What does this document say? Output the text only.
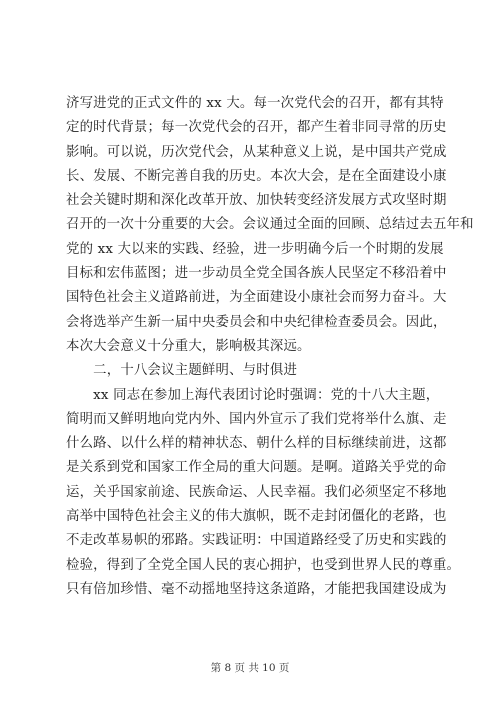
济写进党的正式文件的 xx 大。每一次党代会的召开，都有其特
定的时代背景；每一次党代会的召开，都产生着非同寻常的历史
影响。可以说，历次党代会，从某种意义上说，是中国共产党成
长、发展、不断完善自我的历史。本次大会，是在全面建设小康
社会关键时期和深化改革开放、加快转变经济发展方式攻坚时期
召开的一次十分重要的大会。会议通过全面的回顾、总结过去五年和
党的 xx 大以来的实践、经验，进一步明确今后一个时期的发展
目标和宏伟蓝图；进一步动员全党全国各族人民坚定不移沿着中
国特色社会主义道路前进，为全面建设小康社会而努力奋斗。大
会将选举产生新一届中央委员会和中央纪律检查委员会。因此，
本次大会意义十分重大，影响极其深远。
　　二，十八会议主题鲜明、与时俱进
　　xx 同志在参加上海代表团讨论时强调：党的十八大主题，
简明而又鲜明地向党内外、国内外宣示了我们党将举什么旗、走
什么路、以什么样的精神状态、朝什么样的目标继续前进，这都
是关系到党和国家工作全局的重大问题。是啊。道路关乎党的命
运，关乎国家前途、民族命运、人民幸福。我们必须坚定不移地
高举中国特色社会主义的伟大旗帜，既不走封闭僵化的老路，也
不走改革易帜的邪路。实践证明：中国道路经受了历史和实践的
检验，得到了全党全国人民的衷心拥护，也受到世界人民的尊重。
只有倍加珍惜、毫不动摇地坚持这条道路，才能把我国建设成为
第 8 页 共 10 页
